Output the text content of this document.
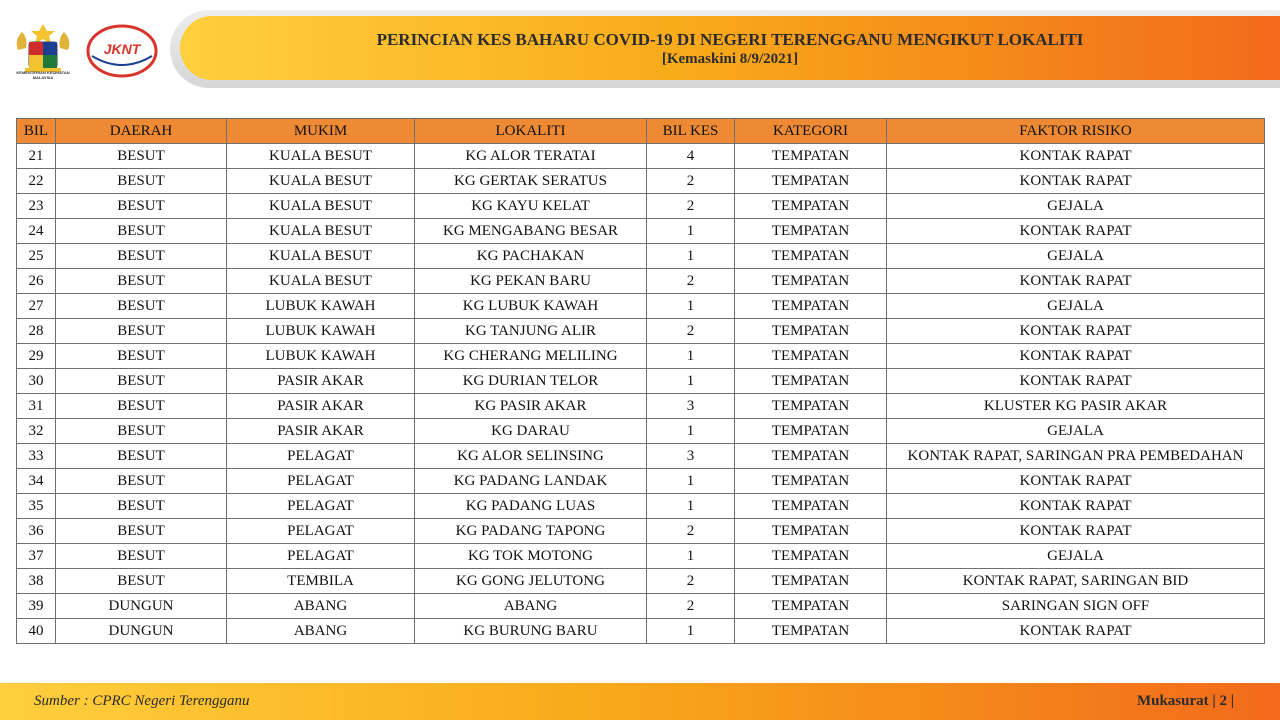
KEMENTERIAN KESIHATAN MALAYSIA
JKNT
PERINCIAN KES BAHARU COVID-19 DI NEGERI TERENGGANU MENGIKUT LOKALITI
[Kemaskini 8/9/2021]
BIL	DAERAH	MUKIM	LOKALITI	BIL KES	KATEGORI	FAKTOR RISIKO
21	BESUT	KUALA BESUT	KG ALOR TERATAI	4	TEMPATAN	KONTAK RAPAT
22	BESUT	KUALA BESUT	KG GERTAK SERATUS	2	TEMPATAN	KONTAK RAPAT
23	BESUT	KUALA BESUT	KG KAYU KELAT	2	TEMPATAN	GEJALA
24	BESUT	KUALA BESUT	KG MENGABANG BESAR	1	TEMPATAN	KONTAK RAPAT
25	BESUT	KUALA BESUT	KG PACHAKAN	1	TEMPATAN	GEJALA
26	BESUT	KUALA BESUT	KG PEKAN BARU	2	TEMPATAN	KONTAK RAPAT
27	BESUT	LUBUK KAWAH	KG LUBUK KAWAH	1	TEMPATAN	GEJALA
28	BESUT	LUBUK KAWAH	KG TANJUNG ALIR	2	TEMPATAN	KONTAK RAPAT
29	BESUT	LUBUK KAWAH	KG CHERANG MELILING	1	TEMPATAN	KONTAK RAPAT
30	BESUT	PASIR AKAR	KG DURIAN TELOR	1	TEMPATAN	KONTAK RAPAT
31	BESUT	PASIR AKAR	KG PASIR AKAR	3	TEMPATAN	KLUSTER KG PASIR AKAR
32	BESUT	PASIR AKAR	KG DARAU	1	TEMPATAN	GEJALA
33	BESUT	PELAGAT	KG ALOR SELINSING	3	TEMPATAN	KONTAK RAPAT, SARINGAN PRA PEMBEDAHAN
34	BESUT	PELAGAT	KG PADANG LANDAK	1	TEMPATAN	KONTAK RAPAT
35	BESUT	PELAGAT	KG PADANG LUAS	1	TEMPATAN	KONTAK RAPAT
36	BESUT	PELAGAT	KG PADANG TAPONG	2	TEMPATAN	KONTAK RAPAT
37	BESUT	PELAGAT	KG TOK MOTONG	1	TEMPATAN	GEJALA
38	BESUT	TEMBILA	KG GONG JELUTONG	2	TEMPATAN	KONTAK RAPAT, SARINGAN BID
39	DUNGUN	ABANG	ABANG	2	TEMPATAN	SARINGAN SIGN OFF
40	DUNGUN	ABANG	KG BURUNG BARU	1	TEMPATAN	KONTAK RAPAT
Sumber : CPRC Negeri Terengganu	Mukasurat | 2 |
